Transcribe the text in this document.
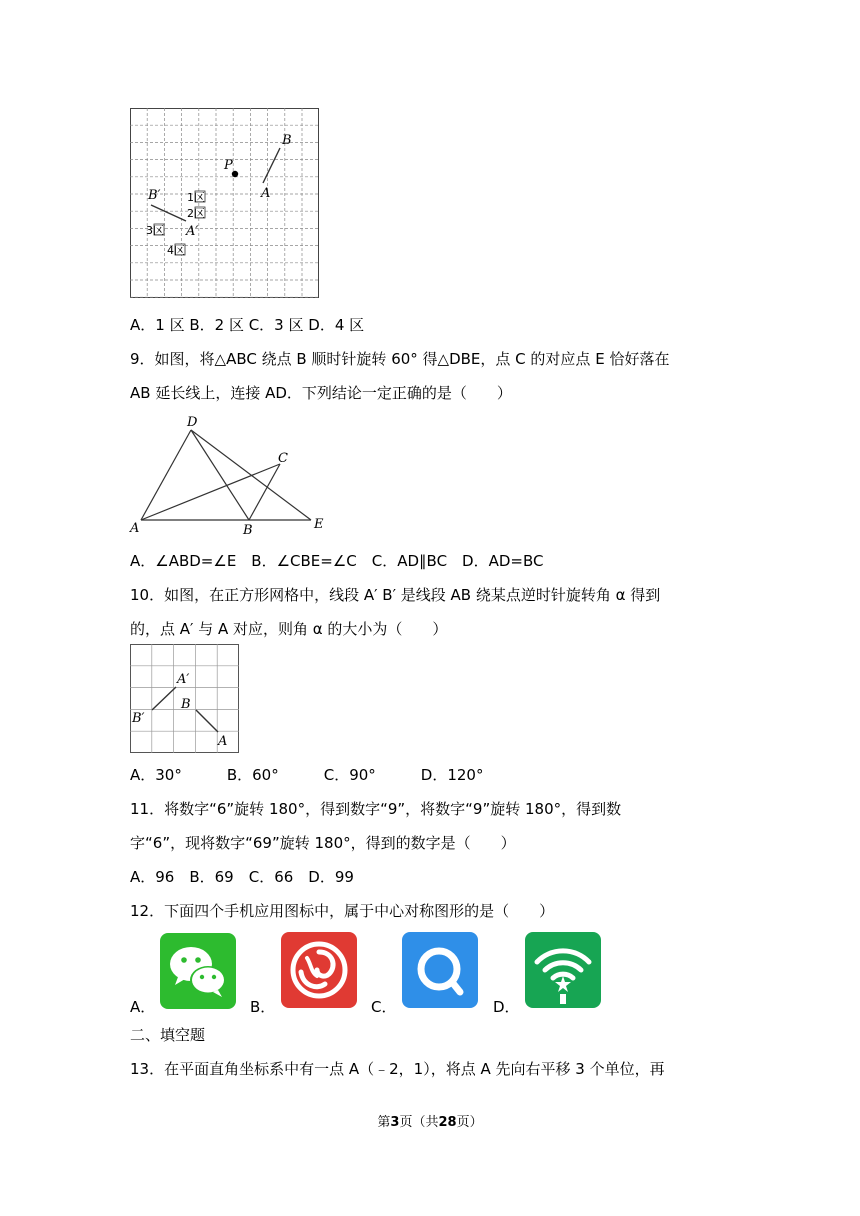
B
P
A
B′
A′
1 区
2 区
3 区
4 区
A．1 区 B．2 区 C．3 区 D．4 区
9．如图，将△ABC 绕点 B 顺时针旋转 60° 得△DBE，点 C 的对应点 E 恰好落在
AB 延长线上，连接 AD．下列结论一定正确的是（　　）
D
C
A	B	E
A．∠ABD=∠E　B．∠CBE=∠C　C．AD∥BC　D．AD=BC
10．如图，在正方形网格中，线段 A′ B′ 是线段 AB 绕某点逆时针旋转角 α 得到
的，点 A′ 与 A 对应，则角 α 的大小为（　　）
A′
B′
B
A
A．30°　　　B．60°　　　C．90°　　　D．120°
11．将数字“6”旋转 180°，得到数字“9”，将数字“9”旋转 180°，得到数
字“6”，现将数字“69”旋转 180°，得到的数字是（　　）
A．96　B．69　C．66　D．99
12．下面四个手机应用图标中，属于中心对称图形的是（　　）
A．	B．	C．	D．
二、填空题
13．在平面直角坐标系中有一点 A（﹣2，1），将点 A 先向右平移 3 个单位，再
第3页（共28页）
